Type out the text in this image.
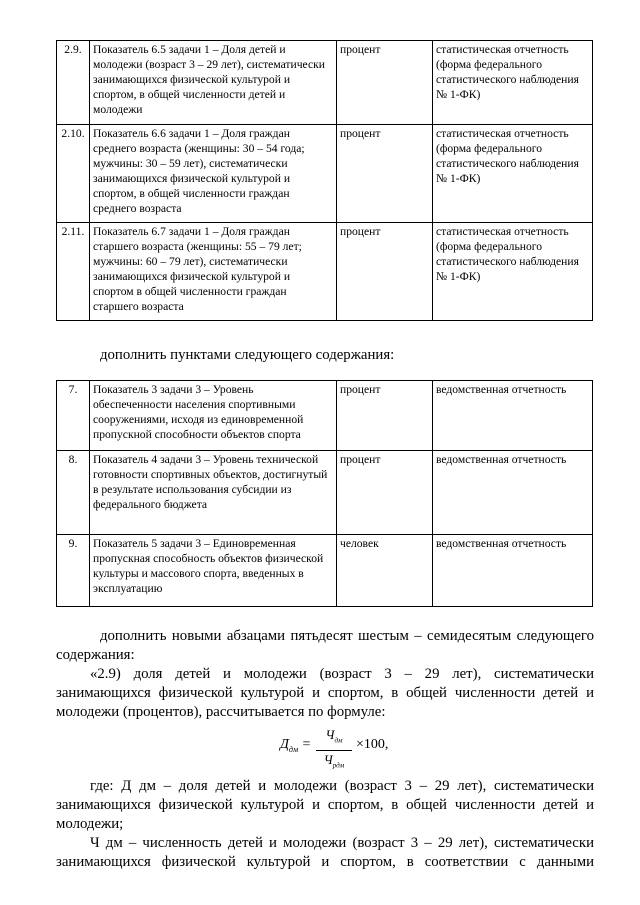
2.9.	Показатель 6.5 задачи 1 – Доля детей и молодежи (возраст 3 – 29 лет), систематически занимающихся физической культурой и спортом, в общей численности детей и молодежи	процент	статистическая отчетность (форма федерального статистического наблюдения № 1-ФК)
2.10.	Показатель 6.6 задачи 1 – Доля граждан среднего возраста (женщины: 30 – 54 года; мужчины: 30 – 59 лет), систематически занимающихся физической культурой и спортом, в общей численности граждан среднего возраста	процент	статистическая отчетность (форма федерального статистического наблюдения № 1-ФК)
2.11.	Показатель 6.7 задачи 1 – Доля граждан старшего возраста (женщины: 55 – 79 лет; мужчины: 60 – 79 лет), систематически занимающихся физической культурой и спортом в общей численности граждан старшего возраста	процент	статистическая отчетность (форма федерального статистического наблюдения № 1-ФК)
дополнить пунктами следующего содержания:
7.	Показатель 3 задачи 3 – Уровень обеспеченности населения спортивными сооружениями, исходя из единовременной пропускной способности объектов спорта	процент	ведомственная отчетность
8.	Показатель 4 задачи 3 – Уровень технической готовности спортивных объектов, достигнутый в результате использования субсидии из федерального бюджета	процент	ведомственная отчетность
9.	Показатель 5 задачи 3 – Единовременная пропускная способность объектов физической культуры и массового спорта, введенных в эксплуатацию	человек	ведомственная отчетность
дополнить новыми абзацами пятьдесят шестым – семидесятым следующего
содержания:
«2.9) доля детей и молодежи (возраст 3 – 29 лет), систематически
занимающихся физической культурой и спортом, в общей численности детей и
молодежи (процентов), рассчитывается по формуле:
$Д_{дм}$ =
$Ч_{дм}$
$Ч_{рдм}$
×100,
где: Д дм – доля детей и молодежи (возраст 3 – 29 лет), систематически
занимающихся физической культурой и спортом, в общей численности детей и
молодежи;
Ч дм – численность детей и молодежи (возраст 3 – 29 лет), систематически
занимающихся физической культурой и спортом, в соответствии с данными
